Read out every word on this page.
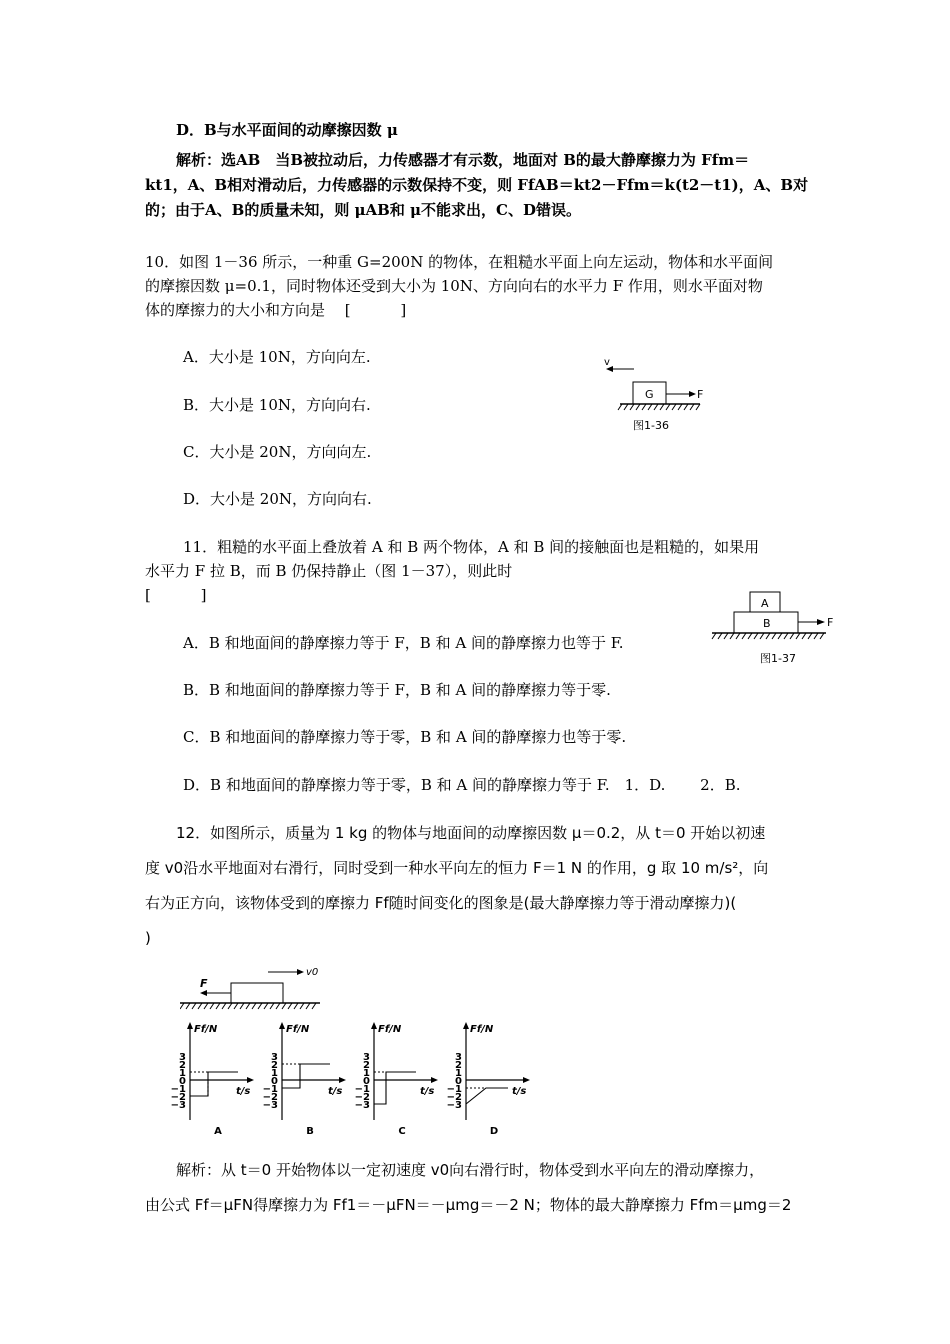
D．B与水平面间的动摩擦因数 μ
解析：选AB　当B被拉动后，力传感器才有示数，地面对 B的最大静摩擦力为 Ffm＝
kt1，A、B相对滑动后，力传感器的示数保持不变，则 FfAB＝kt2－Ffm＝k(t2－t1)，A、B对
的；由于A、B的质量未知，则 μAB和 μ不能求出，C、D错误。
10．如图 1－36 所示，一种重 G=200N 的物体，在粗糙水平面上向左运动，物体和水平面间
的摩擦因数 μ=0.1，同时物体还受到大小为 10N、方向向右的水平力 F 作用，则水平面对物
体的摩擦力的大小和方向是　 [　　　 ]
A．大小是 10N，方向向左.
B．大小是 10N，方向向右.
C．大小是 20N，方向向左.
D．大小是 20N，方向向右.
v
G	F
图1-36
11．粗糙的水平面上叠放着 A 和 B 两个物体，A 和 B 间的接触面也是粗糙的，如果用
水平力 F 拉 B，而 B 仍保持静止（图 1－37），则此时
[　　　 ]
A．B 和地面间的静摩擦力等于 F，B 和 A 间的静摩擦力也等于 F.
B．B 和地面间的静摩擦力等于 F，B 和 A 间的静摩擦力等于零.
C．B 和地面间的静摩擦力等于零，B 和 A 间的静摩擦力也等于零.
D．B 和地面间的静摩擦力等于零，B 和 A 间的静摩擦力等于 F.　1．D.　　 2．B.
A
B	F
图1-37
12．如图所示，质量为 1 kg 的物体与地面间的动摩擦因数 μ＝0.2，从 t＝0 开始以初速
度 v0沿水平地面对右滑行，同时受到一种水平向左的恒力 F＝1 N 的作用，g 取 10 m/s²，向
右为正方向，该物体受到的摩擦力 Ff随时间变化的图象是(最大静摩擦力等于滑动摩擦力)(
)
F
v0
3
2
1
0
−1
−2
−3
Ff/N
t/s
A
3
2
1
0
−1
−2
−3
Ff/N
t/s
B
3
2
1
0
−1
−2
−3
Ff/N
t/s
C
3
2
1
0
−1
−2
−3
Ff/N
t/s
D
解析：从 t＝0 开始物体以一定初速度 v0向右滑行时，物体受到水平向左的滑动摩擦力，
由公式 Ff＝μFN得摩擦力为 Ff1＝－μFN＝－μmg＝－2 N；物体的最大静摩擦力 Ffm＝μmg＝2
